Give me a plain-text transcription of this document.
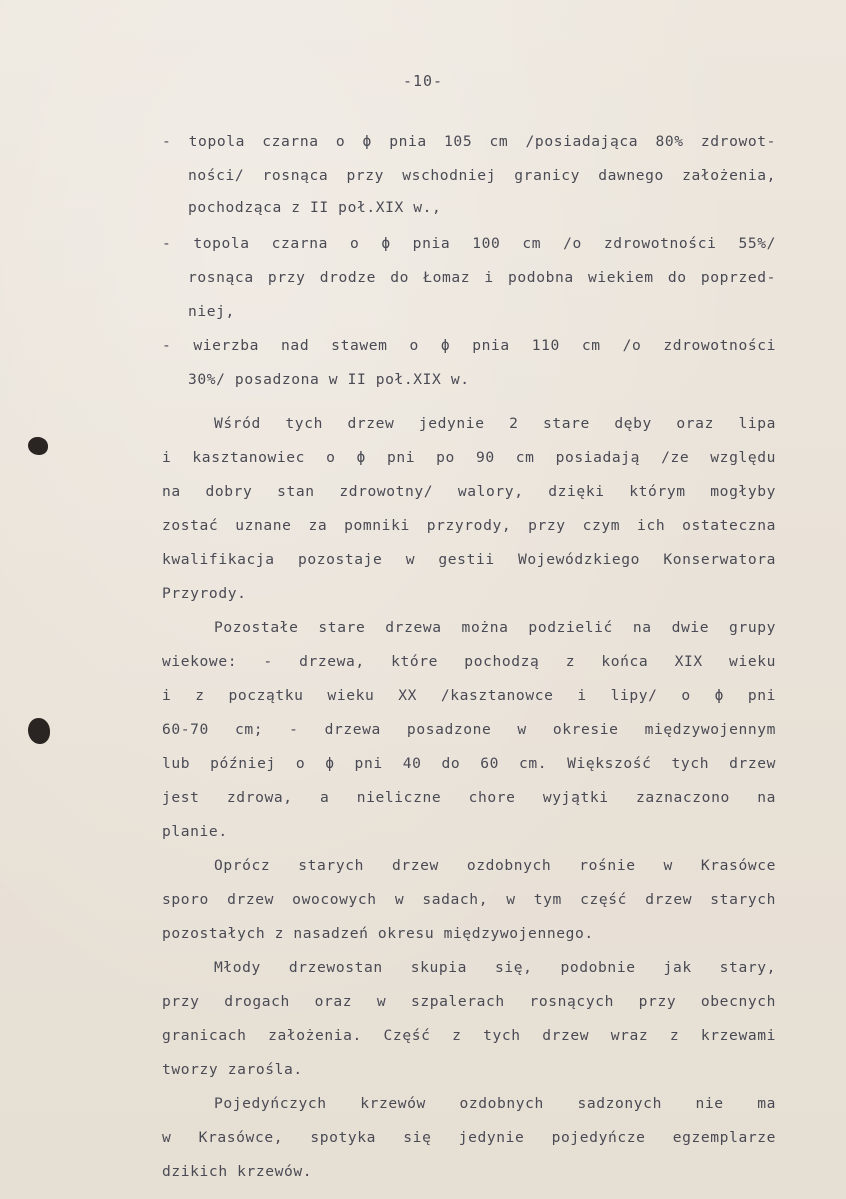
-10-
- topola czarna o ϕ pnia 105 cm /posiadająca 80% zdrowot-
ności/ rosnąca przy wschodniej granicy dawnego założenia,
pochodząca z II poł.XIX w.,
- topola czarna o ϕ pnia 100 cm /o zdrowotności 55%/
rosnąca przy drodze do Łomaz i podobna wiekiem do poprzed-
niej,
- wierzba nad stawem o ϕ pnia 110 cm /o zdrowotności
30%/ posadzona w II poł.XIX w.
Wśród tych drzew jedynie 2 stare dęby oraz lipa
i kasztanowiec o ϕ pni po 90 cm posiadają /ze względu
na dobry stan zdrowotny/ walory, dzięki którym mogłyby
zostać uznane za pomniki przyrody, przy czym ich ostateczna
kwalifikacja pozostaje w gestii Wojewódzkiego Konserwatora
Przyrody.
Pozostałe stare drzewa można podzielić na dwie grupy
wiekowe: - drzewa, które pochodzą z końca XIX wieku
i z początku wieku XX /kasztanowce i lipy/ o ϕ pni
60-70 cm; - drzewa posadzone w okresie międzywojennym
lub później o ϕ pni 40 do 60 cm. Większość tych drzew
jest zdrowa, a nieliczne chore wyjątki zaznaczono na
planie.
Oprócz starych drzew ozdobnych rośnie w Krasówce
sporo drzew owocowych w sadach, w tym część drzew starych
pozostałych z nasadzeń okresu międzywojennego.
Młody drzewostan skupia się, podobnie jak stary,
przy drogach oraz w szpalerach rosnących przy obecnych
granicach założenia. Część z tych drzew wraz z krzewami
tworzy zarośla.
Pojedyńczych krzewów ozdobnych sadzonych nie ma
w Krasówce, spotyka się jedynie pojedyńcze egzemplarze
dzikich krzewów.
